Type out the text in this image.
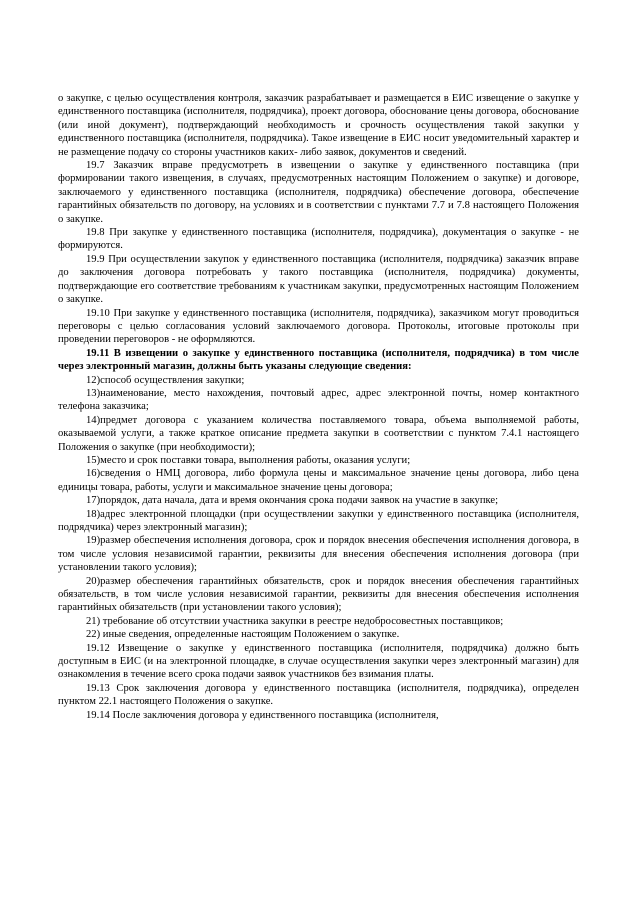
о закупке, с целью осуществления контроля, заказчик разрабатывает и размещается в ЕИС извещение о закупке у единственного поставщика (исполнителя, подрядчика), проект договора, обоснование цены договора, обоснование (или иной документ), подтверждающий необходимость и срочность осуществления такой закупки у единственного поставщика (исполнителя, подрядчика). Такое извещение в ЕИС носит уведомительный характер и не размещение подачу со стороны участников каких- либо заявок, документов и сведений.

19.7 Заказчик вправе предусмотреть в извещении о закупке у единственного поставщика (при формировании такого извещения, в случаях, предусмотренных настоящим Положением о закупке) и договоре, заключаемого у единственного поставщика (исполнителя, подрядчика) обеспечение договора, обеспечение гарантийных обязательств по договору, на условиях и в соответствии с пунктами 7.7 и 7.8 настоящего Положения о закупке.

19.8 При закупке у единственного поставщика (исполнителя, подрядчика), документация о закупке - не формируются.

19.9 При осуществлении закупок у единственного поставщика (исполнителя, подрядчика) заказчик вправе до заключения договора потребовать у такого поставщика (исполнителя, подрядчика) документы, подтверждающие его соответствие требованиям к участникам закупки, предусмотренных настоящим Положением о закупке.

19.10 При закупке у единственного поставщика (исполнителя, подрядчика), заказчиком могут проводиться переговоры с целью согласования условий заключаемого договора. Протоколы, итоговые протоколы при проведении переговоров - не оформляются.

19.11 В извещении о закупке у единственного поставщика (исполнителя, подрядчика) в том числе через электронный магазин, должны быть указаны следующие сведения:

12)способ осуществления закупки;

13)наименование, место нахождения, почтовый адрес, адрес электронной почты, номер контактного телефона заказчика;

14)предмет договора с указанием количества поставляемого товара, объема выполняемой работы, оказываемой услуги, а также краткое описание предмета закупки в соответствии с пунктом 7.4.1 настоящего Положения о закупке (при необходимости);

15)место и срок поставки товара, выполнения работы, оказания услуги;

16)сведения о НМЦ договора, либо формула цены и максимальное значение цены договора, либо цена единицы товара, работы, услуги и максимальное значение цены договора;

17)порядок, дата начала, дата и время окончания срока подачи заявок на участие в закупке;

18)адрес электронной площадки (при осуществлении закупки у единственного поставщика (исполнителя, подрядчика) через электронный магазин);

19)размер обеспечения исполнения договора, срок и порядок внесения обеспечения исполнения договора, в том числе условия независимой гарантии, реквизиты для внесения обеспечения исполнения договора (при установлении такого условия);

20)размер обеспечения гарантийных обязательств, срок и порядок внесения обеспечения гарантийных обязательств, в том числе условия независимой гарантии, реквизиты для внесения обеспечения исполнения гарантийных обязательств (при установлении такого условия);

21) требование об отсутствии участника закупки в реестре недобросовестных поставщиков;

22) иные сведения, определенные настоящим Положением о закупке.

19.12 Извещение о закупке у единственного поставщика (исполнителя, подрядчика) должно быть доступным в ЕИС (и на электронной площадке, в случае осуществления закупки через электронный магазин) для ознакомления в течение всего срока подачи заявок участников без взимания платы.

19.13 Срок заключения договора у единственного поставщика (исполнителя, подрядчика), определен пунктом 22.1 настоящего Положения о закупке.

19.14 После заключения договора у единственного поставщика (исполнителя,
